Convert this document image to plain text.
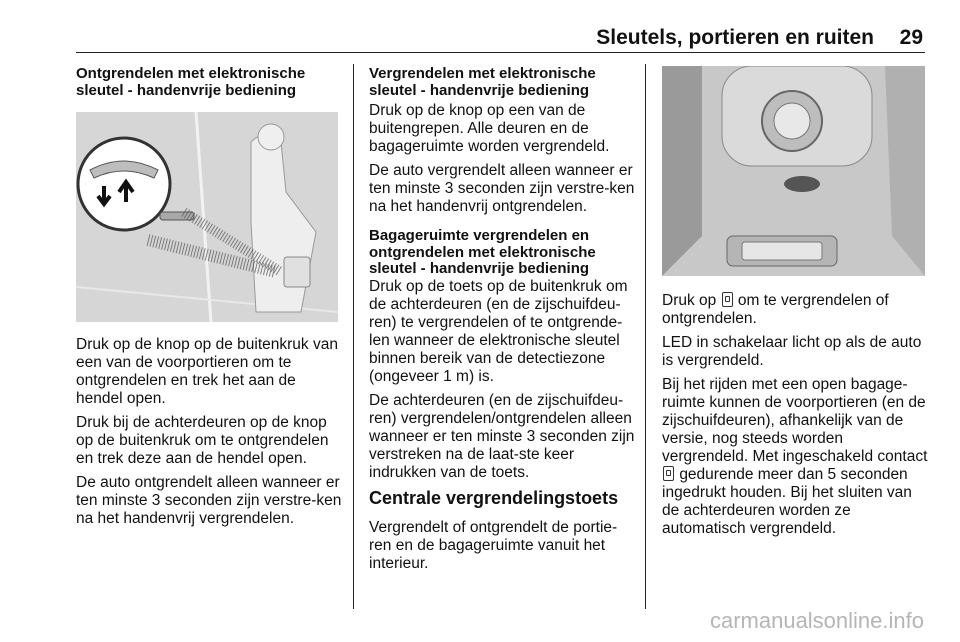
Sleutels, portieren en ruiten 29

Ontgrendelen met elektronische sleutel - handenvrije bediening

Druk op de knop op de buitenkruk van een van de voorportieren om te ontgrendelen en trek het aan de hendel open.

Druk bij de achterdeuren op de knop op de buitenkruk om te ontgrendelen en trek deze aan de hendel open.

De auto ontgrendelt alleen wanneer er ten minste 3 seconden zijn verstre-ken na het handenvrij vergrendelen.

Vergrendelen met elektronische sleutel - handenvrije bediening

Druk op de knop op een van de buitengrepen. Alle deuren en de bagageruimte worden vergrendeld.

De auto vergrendelt alleen wanneer er ten minste 3 seconden zijn verstre-ken na het handenvrij ontgrendelen.

Bagageruimte vergrendelen en ontgrendelen met elektronische sleutel - handenvrije bediening

Druk op de toets op de buitenkruk om de achterdeuren (en de zijschuifdeu-ren) te vergrendelen of te ontgrende-len wanneer de elektronische sleutel binnen bereik van de detectiezone (ongeveer 1 m) is.

De achterdeuren (en de zijschuifdeu-ren) vergrendelen/ontgrendelen alleen wanneer er ten minste 3 seconden zijn verstreken na de laat-ste keer indrukken van de toets.

Centrale vergrendelingstoets

Vergrendelt of ontgrendelt de portie-ren en de bagageruimte vanuit het interieur.

Druk op om te vergrendelen of ontgrendelen.

LED in schakelaar licht op als de auto is vergrendeld.

Bij het rijden met een open bagage-ruimte kunnen de voorportieren (en de zijschuifdeuren), afhankelijk van de versie, nog steeds worden vergrendeld. Met ingeschakeld contact  gedurende meer dan 5 seconden ingedrukt houden. Bij het sluiten van de achterdeuren worden ze automatisch vergrendeld.

carmanualsonline.info
